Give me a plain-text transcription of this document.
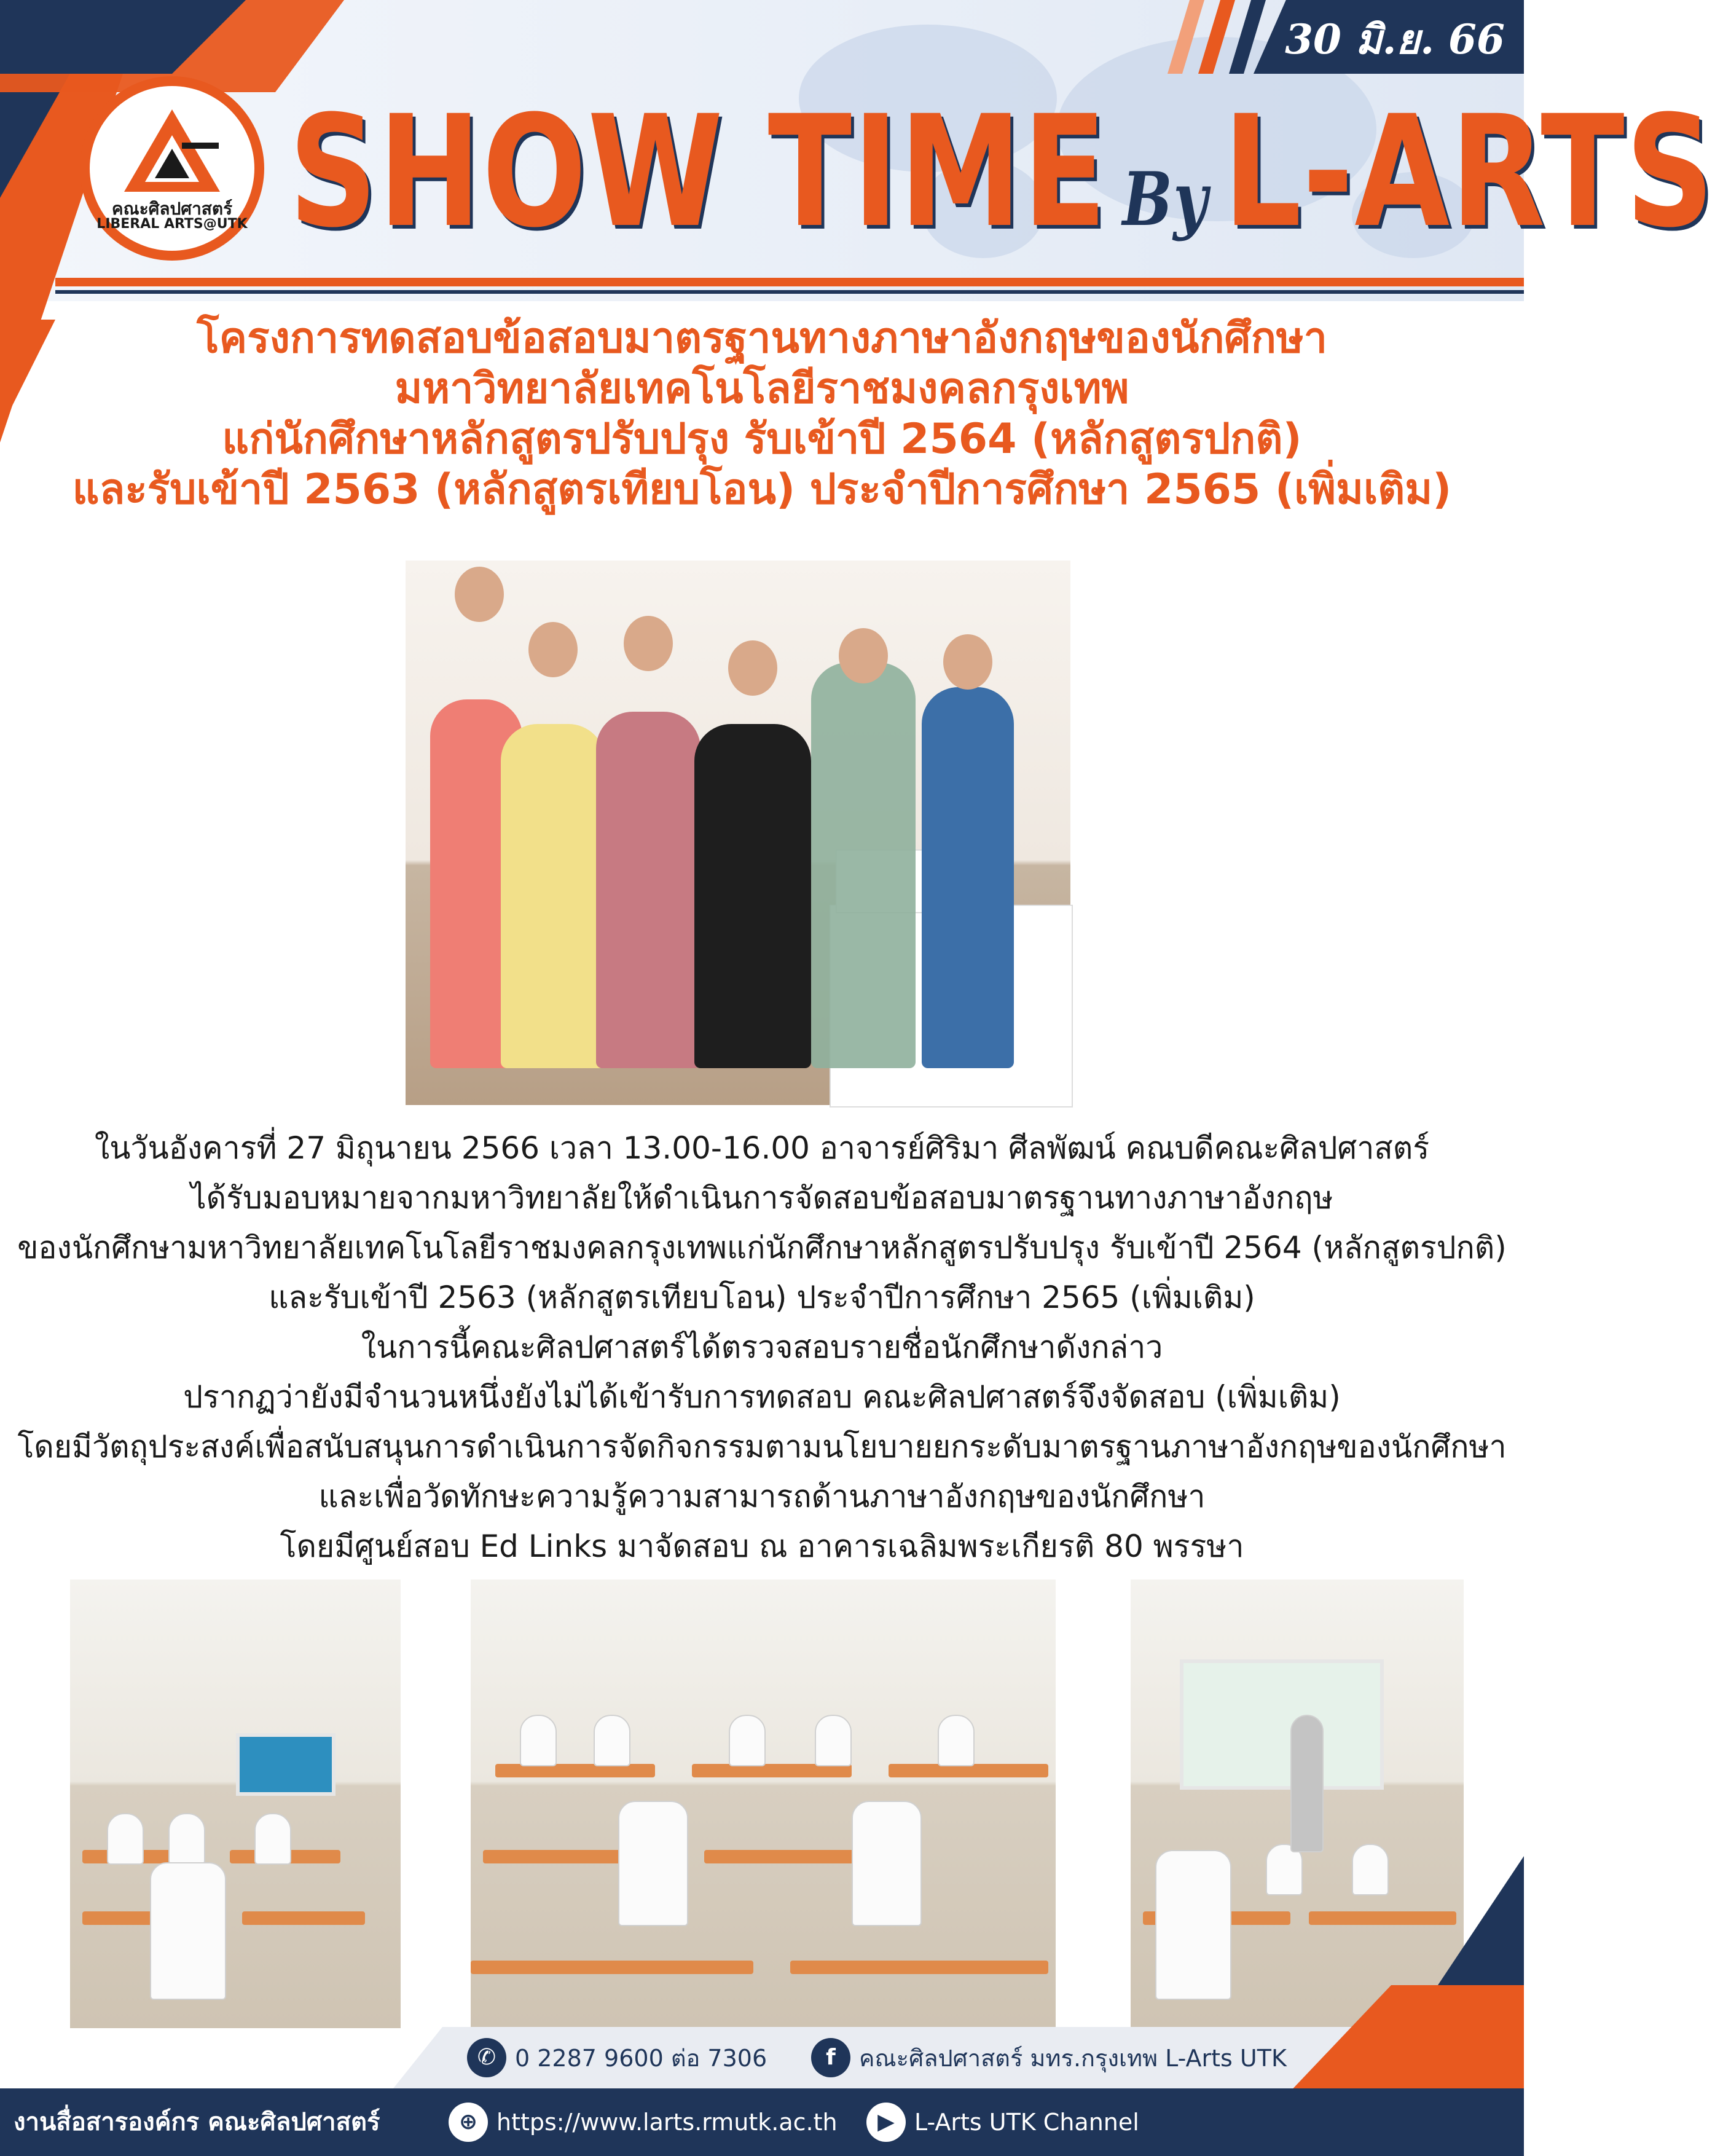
30 มิ.ย. 66
คณะศิลปศาสตร์
LIBERAL ARTS@UTK SHOW TIME ByL-ARTS
โครงการทดสอบข้อสอบมาตรฐานทางภาษาอังกฤษของนักศึกษา
มหาวิทยาลัยเทคโนโลยีราชมงคลกรุงเทพ
แก่นักศึกษาหลักสูตรปรับปรุง รับเข้าปี 2564 (หลักสูตรปกติ)
และรับเข้าปี 2563 (หลักสูตรเทียบโอน) ประจำปีการศึกษา 2565 (เพิ่มเติม)
ในวันอังคารที่ 27 มิถุนายน 2566 เวลา 13.00-16.00 อาจารย์ศิริมา ศีลพัฒน์ คณบดีคณะศิลปศาสตร์
ได้รับมอบหมายจากมหาวิทยาลัยให้ดำเนินการจัดสอบข้อสอบมาตรฐานทางภาษาอังกฤษ
ของนักศึกษามหาวิทยาลัยเทคโนโลยีราชมงคลกรุงเทพแก่นักศึกษาหลักสูตรปรับปรุง รับเข้าปี 2564 (หลักสูตรปกติ)
และรับเข้าปี 2563 (หลักสูตรเทียบโอน) ประจำปีการศึกษา 2565 (เพิ่มเติม)
ในการนี้คณะศิลปศาสตร์ได้ตรวจสอบรายชื่อนักศึกษาดังกล่าว
ปรากฏว่ายังมีจำนวนหนึ่งยังไม่ได้เข้ารับการทดสอบ คณะศิลปศาสตร์จึงจัดสอบ (เพิ่มเติม)
โดยมีวัตถุประสงค์เพื่อสนับสนุนการดำเนินการจัดกิจกรรมตามนโยบายยกระดับมาตรฐานภาษาอังกฤษของนักศึกษา
และเพื่อวัดทักษะความรู้ความสามารถด้านภาษาอังกฤษของนักศึกษา
โดยมีศูนย์สอบ Ed Links มาจัดสอบ ณ อาคารเฉลิมพระเกียรติ 80 พรรษา
✆ 0 2287 9600 ต่อ 7306	f	คณะศิลปศาสตร์ มทร.กรุงเทพ L-Arts UTK
งานสื่อสารองค์กร คณะศิลปศาสตร์	⊕ https://www.larts.rmutk.ac.th	▶ L-Arts UTK Channel
